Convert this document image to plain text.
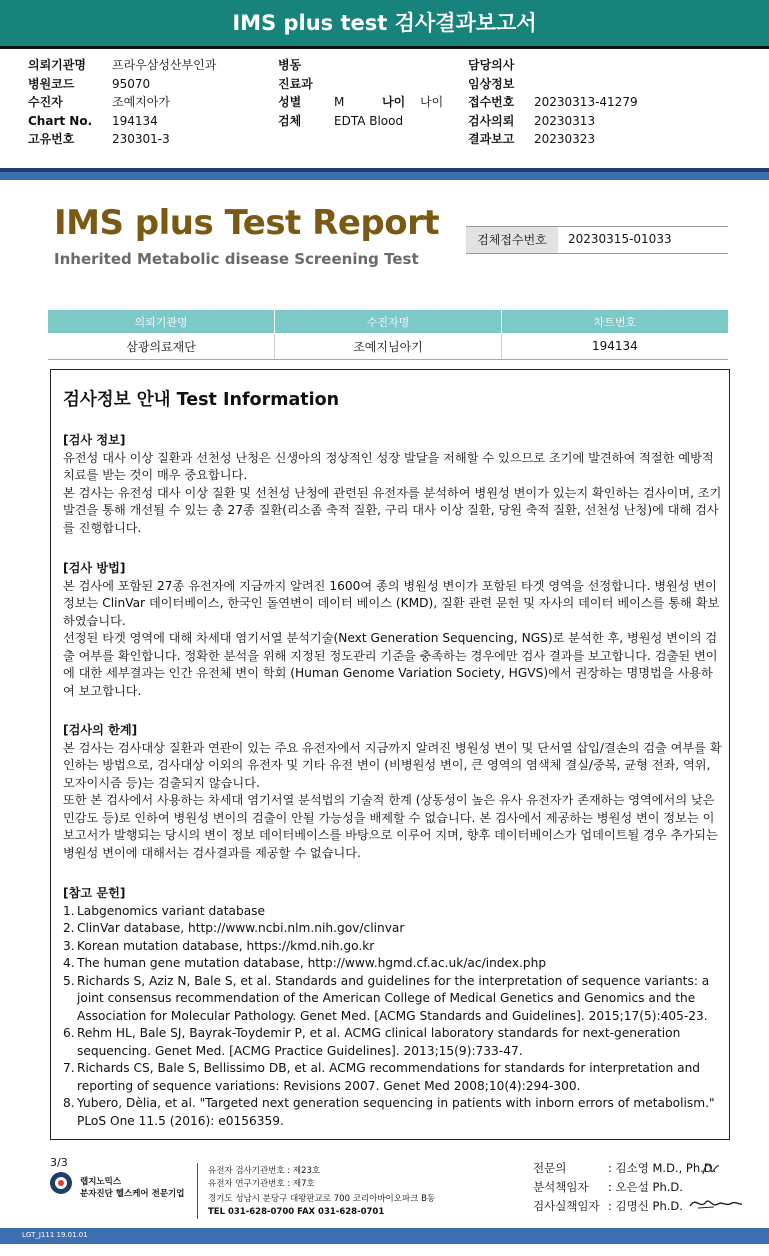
IMS plus test 검사결과보고서
의뢰기관명 프라우삼성산부인과
병원코드	95070
수진자	조예지아가
Chart No. 194134
고유번호	230301-3
병동
진료과
성별	M	나이 나이
검체	EDTA Blood
담당의사
임상정보
접수번호 20230313-41279
검사의뢰 20230313
결과보고 20230323
IMS plus Test Report
Inherited Metabolic disease Screening Test
검체접수번호	20230315-01033
의뢰기관명	수진자명	차트번호
삼광의료재단	조예지님아기	194134
검사정보 안내 Test Information
[검사 정보]

유전성 대사 이상 질환과 선천성 난청은 신생아의 정상적인 성장 발달을 저해할 수 있으므로 조기에 발견하여 적절한 예방적 치료를 받는 것이 매우 중요합니다.

본 검사는 유전성 대사 이상 질환 및 선천성 난청에 관련된 유전자를 분석하여 병원성 변이가 있는지 확인하는 검사이며, 조기 발견을 통해 개선될 수 있는 총 27종 질환(리소좀 축적 질환, 구리 대사 이상 질환, 당원 축적 질환, 선천성 난청)에 대해 검사를 진행합니다.

[검사 방법]

본 검사에 포함된 27종 유전자에 지금까지 알려진 1600여 종의 병원성 변이가 포함된 타겟 영역을 선정합니다. 병원성 변이 정보는 ClinVar 데이터베이스, 한국인 돌연변이 데이터 베이스 (KMD), 질환 관련 문헌 및 자사의 데이터 베이스를 통해 확보하였습니다.

선정된 타겟 영역에 대해 차세대 염기서열 분석기술(Next Generation Sequencing, NGS)로 분석한 후, 병원성 변이의 검출 여부를 확인합니다. 정확한 분석을 위해 지정된 정도관리 기준을 충족하는 경우에만 검사 결과를 보고합니다. 검출된 변이에 대한 세부결과는 인간 유전체 변이 학회 (Human Genome Variation Society, HGVS)에서 권장하는 명명법을 사용하여 보고합니다.

[검사의 한계]

본 검사는 검사대상 질환과 연관이 있는 주요 유전자에서 지금까지 알려진 병원성 변이 및 단서열 삽입/결손의 검출 여부를 확인하는 방법으로, 검사대상 이외의 유전자 및 기타 유전 변이 (비병원성 변이, 큰 영역의 염색체 결실/중복, 균형 전좌, 역위, 모자이시즘 등)는 검출되지 않습니다.

또한 본 검사에서 사용하는 차세대 염기서열 분석법의 기술적 한계 (상동성이 높은 유사 유전자가 존재하는 영역에서의 낮은 민감도 등)로 인하여 병원성 변이의 검출이 안될 가능성을 배제할 수 없습니다. 본 검사에서 제공하는 병원성 변이 정보는 이 보고서가 발행되는 당시의 변이 정보 데이터베이스를 바탕으로 이루어 지며, 향후 데이터베이스가 업데이트될 경우 추가되는 병원성 변이에 대해서는 검사결과를 제공할 수 없습니다.

[참고 문헌]
1. Labgenomics variant database
2. ClinVar database, http://www.ncbi.nlm.nih.gov/clinvar
3. Korean mutation database, https://kmd.nih.go.kr
4. The human gene mutation database, http://www.hgmd.cf.ac.uk/ac/index.php
5. Richards S, Aziz N, Bale S, et al. Standards and guidelines for the interpretation of sequence variants: a joint consensus recommendation of the American College of Medical Genetics and Genomics and the Association for Molecular Pathology. Genet Med. [ACMG Standards and Guidelines]. 2015;17(5):405-23.
6. Rehm HL, Bale SJ, Bayrak-Toydemir P, et al. ACMG clinical laboratory standards for next-generation sequencing. Genet Med. [ACMG Practice Guidelines]. 2013;15(9):733-47.
7. Richards CS, Bale S, Bellissimo DB, et al. ACMG recommendations for standards for interpretation and reporting of sequence variations: Revisions 2007. Genet Med 2008;10(4):294-300.
8. Yubero, Dèlia, et al. "Targeted next generation sequencing in patients with inborn errors of metabolism." PLoS One 11.5 (2016): e0156359.
3/3
랩지노믹스
분자진단 헬스케어 전문기업
유전자 검사기관번호 : 제23호
유전자 연구기관번호 : 제7호
경기도 성남시 분당구 대왕판교로 700 코리아바이오파크 B동
TEL 031-628-0700 FAX 031-628-0701
전문의	: 김소영 M.D., Ph.D.
분석책임자 : 오은설 Ph.D.
검사실책임자 : 김명신 Ph.D.
LGT_J111 19.01.01
